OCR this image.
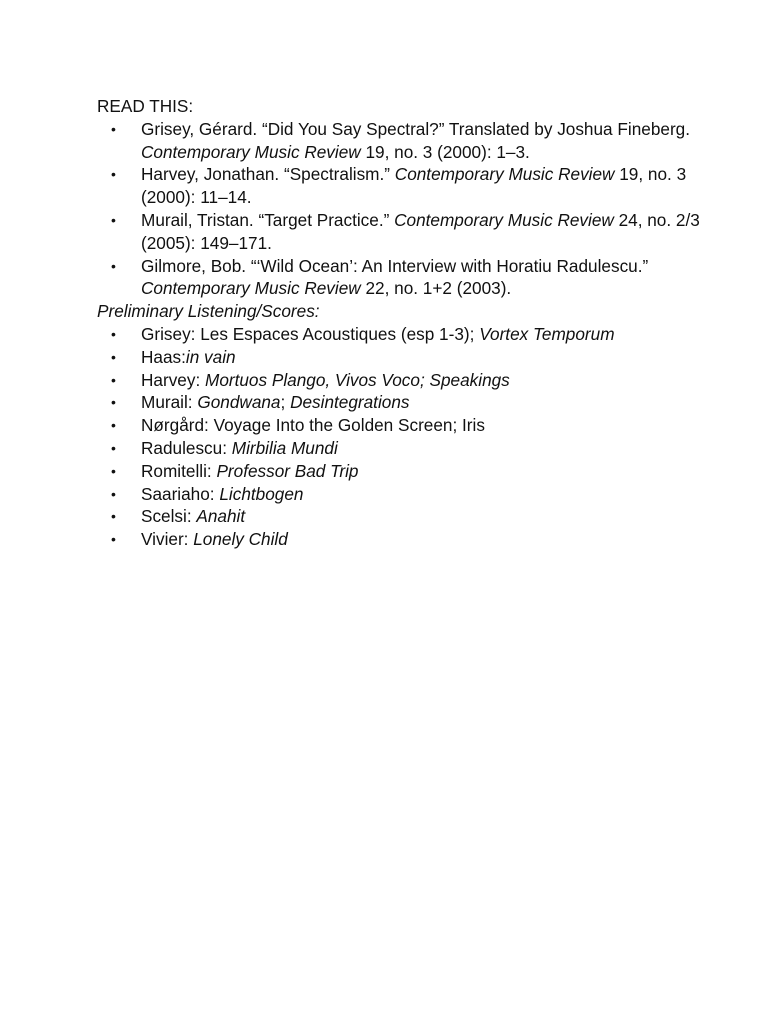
READ THIS:

• Grisey, Gérard. “Did You Say Spectral?” Translated by Joshua Fineberg. Contemporary Music Review 19, no. 3 (2000): 1–3.
• Harvey, Jonathan. “Spectralism.” Contemporary Music Review 19, no. 3 (2000): 11–14.
• Murail, Tristan. “Target Practice.” Contemporary Music Review 24, no. 2/3 (2005): 149–171.
• Gilmore, Bob. “‘Wild Ocean’: An Interview with Horatiu Radulescu.” Contemporary Music Review 22, no. 1+2 (2003).

Preliminary Listening/Scores:

• Grisey: Les Espaces Acoustiques (esp 1-3); Vortex Temporum
• Haas:in vain
• Harvey: Mortuos Plango, Vivos Voco; Speakings
• Murail: Gondwana; Desintegrations
• Nørgård: Voyage Into the Golden Screen; Iris
• Radulescu: Mirbilia Mundi
• Romitelli: Professor Bad Trip
• Saariaho: Lichtbogen
• Scelsi: Anahit
• Vivier: Lonely Child
